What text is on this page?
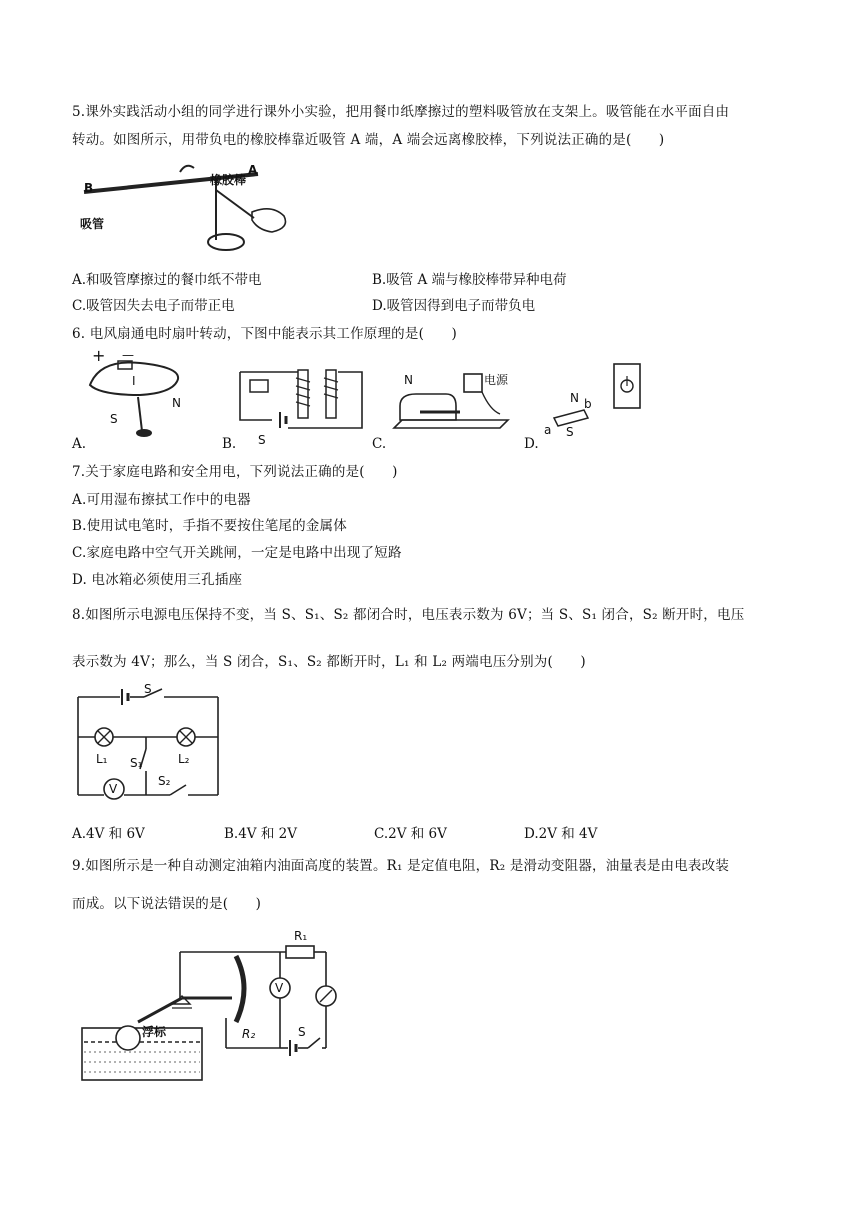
5.课外实践活动小组的同学进行课外小实验，把用餐巾纸摩擦过的塑料吸管放在支架上。吸管能在水平面自由
转动。如图所示，用带负电的橡胶棒靠近吸管 A 端，A 端会远离橡胶棒，下列说法正确的是(　　)
B
A
吸管
橡胶棒
A.和吸管摩擦过的餐巾纸不带电	B.吸管 A 端与橡胶棒带异种电荷
C.吸管因失去电子而带正电	D.吸管因得到电子而带负电
6. 电风扇通电时扇叶转动，下图中能表示其工作原理的是(　　)
+ —
I
S
N
A.	S
B.
N	电源
C.
N b
a S
D.
7.关于家庭电路和安全用电，下列说法正确的是(　　)
A.可用湿布擦拭工作中的电器
B.使用试电笔时，手指不要按住笔尾的金属体
C.家庭电路中空气开关跳闸，一定是电路中出现了短路
D. 电冰箱必须使用三孔插座
8.如图所示电源电压保持不变，当 S、S₁、S₂ 都闭合时，电压表示数为 6V；当 S、S₁ 闭合，S₂ 断开时，电压
表示数为 4V；那么，当 S 闭合，S₁、S₂ 都断开时，L₁ 和 L₂ 两端电压分别为(　　)
S
L₁	L₂
S₁
V
S₂
A.4V 和 6V	B.4V 和 2V	C.2V 和 6V	D.2V 和 4V
9.如图所示是一种自动测定油箱内油面高度的装置。R₁ 是定值电阻，R₂ 是滑动变阻器，油量表是由电表改装
而成。以下说法错误的是(　　)
R₁
V
R₂	S
浮标
